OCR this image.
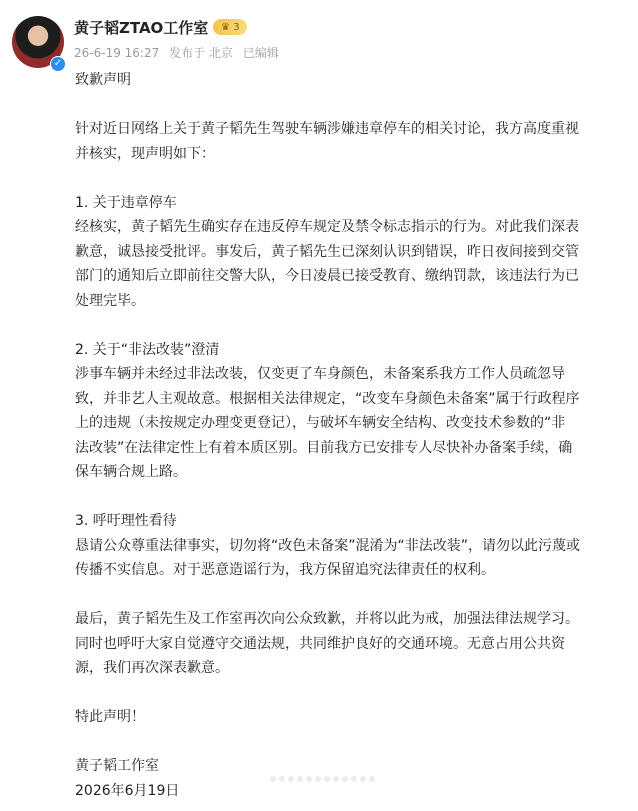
✓
黄子韬ZTAO工作室	♛ 3
26-6-19 16:27 发布于 北京 已编辑
致歉声明
针对近日网络上关于黄子韬先生驾驶车辆涉嫌违章停车的相关讨论，我方高度重视
并核实，现声明如下：
1. 关于违章停车
经核实，黄子韬先生确实存在违反停车规定及禁令标志指示的行为。对此我们深表
歉意，诚恳接受批评。事发后，黄子韬先生已深刻认识到错误，昨日夜间接到交管
部门的通知后立即前往交警大队，今日凌晨已接受教育、缴纳罚款，该违法行为已
处理完毕。
2. 关于“非法改装”澄清
涉事车辆并未经过非法改装，仅变更了车身颜色，未备案系我方工作人员疏忽导
致，并非艺人主观故意。根据相关法律规定，“改变车身颜色未备案”属于行政程序
上的违规（未按规定办理变更登记），与破坏车辆安全结构、改变技术参数的“非
法改装”在法律定性上有着本质区别。目前我方已安排专人尽快补办备案手续，确
保车辆合规上路。
3. 呼吁理性看待
恳请公众尊重法律事实，切勿将“改色未备案”混淆为“非法改装”，请勿以此污蔑或
传播不实信息。对于恶意造谣行为，我方保留追究法律责任的权利。
最后，黄子韬先生及工作室再次向公众致歉，并将以此为戒，加强法律法规学习。
同时也呼吁大家自觉遵守交通法规，共同维护良好的交通环境。无意占用公共资
源，我们再次深表歉意。
特此声明！
黄子韬工作室
2026年6月19日
